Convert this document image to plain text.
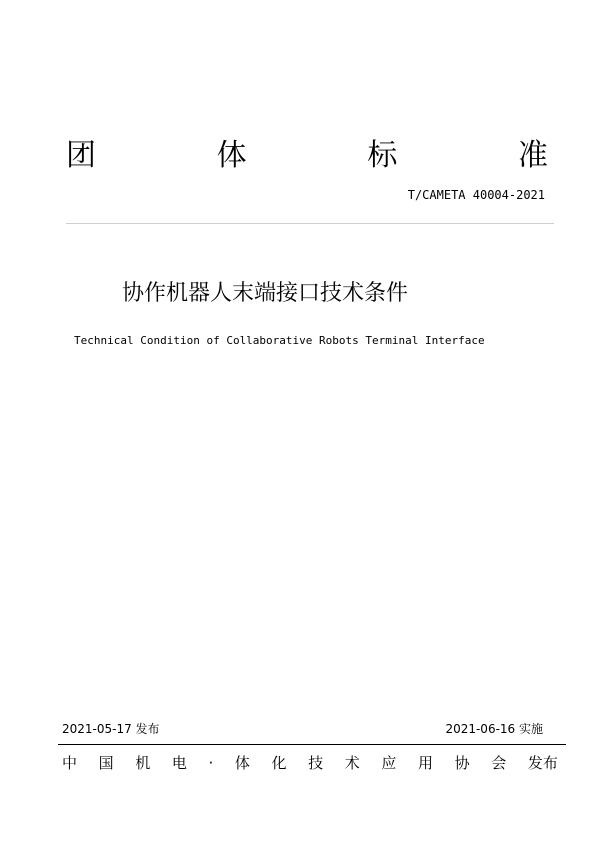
团	体	标	准
T/CAMETA 40004-2021
协作机器人末端接口技术条件
Technical Condition of Collaborative Robots Terminal Interface
2021-05-17 发布	2021-06-16 实施
中 国 机 电 · 体 化 技 术 应 用 协 会 发布
